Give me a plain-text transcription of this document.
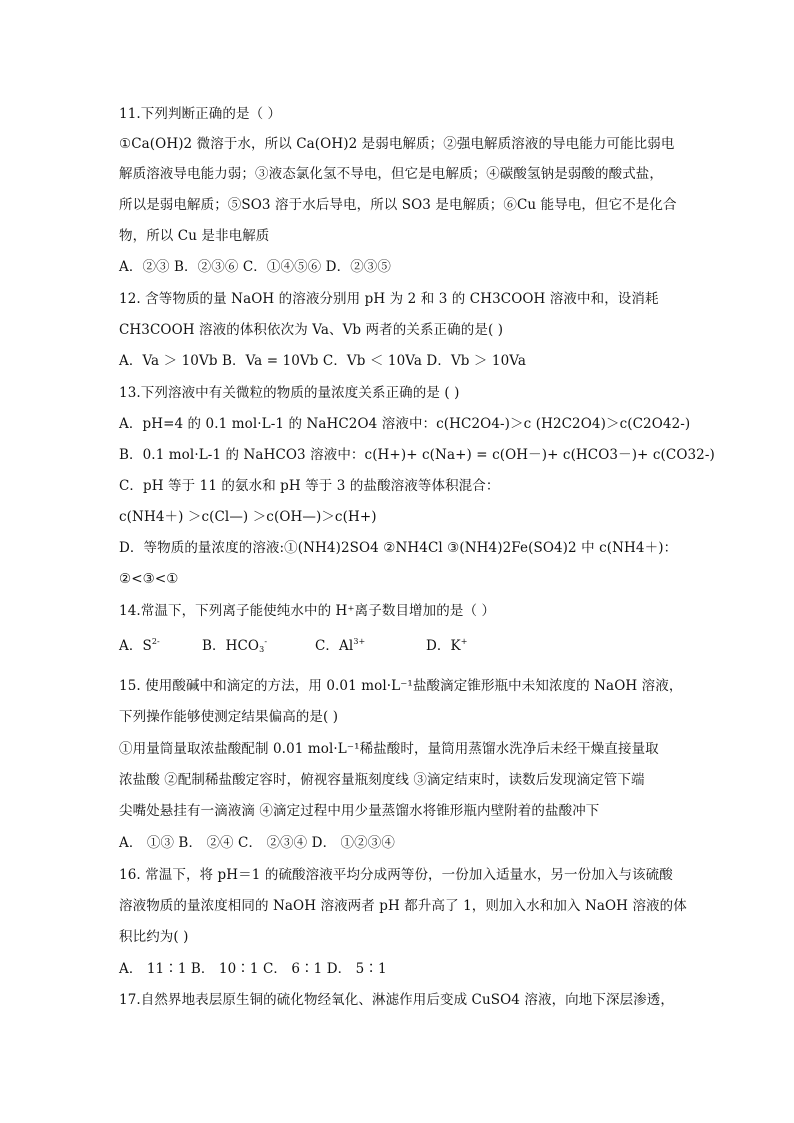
11.下列判断正确的是（ ）
①Ca(OH)2 微溶于水，所以 Ca(OH)2 是弱电解质；②强电解质溶液的导电能力可能比弱电
解质溶液导电能力弱；③液态氯化氢不导电，但它是电解质；④碳酸氢钠是弱酸的酸式盐，
所以是弱电解质；⑤SO3 溶于水后导电，所以 SO3 是电解质；⑥Cu 能导电，但它不是化合
物，所以 Cu 是非电解质
A．②③ B．②③⑥ C．①④⑤⑥ D．②③⑤
12. 含等物质的量 NaOH 的溶液分别用 pH 为 2 和 3 的 CH3COOH 溶液中和，设消耗
CH3COOH 溶液的体积依次为 Va、Vb 两者的关系正确的是( )
A．Va ＞ 10Vb B．Va = 10Vb C．Vb ＜ 10Va D．Vb ＞ 10Va
13.下列溶液中有关微粒的物质的量浓度关系正确的是 ( )
A．pH=4 的 0.1 mol·L-1 的 NaHC2O4 溶液中：c(HC2O4-)＞c (H2C2O4)＞c(C2O42-)
B．0.1 mol·L-1 的 NaHCO3 溶液中：c(H+)+ c(Na+) = c(OH－)+ c(HCO3－)+ c(CO32-)
C．pH 等于 11 的氨水和 pH 等于 3 的盐酸溶液等体积混合：
c(NH4＋) ＞c(Cl—) ＞c(OH—)＞c(H+)
D．等物质的量浓度的溶液:①(NH4)2SO4 ②NH4Cl ③(NH4)2Fe(SO4)2 中 c(NH4＋)：
②<③<①
14.常温下，下列离子能使纯水中的 H⁺离子数目增加的是（ ）
A．$S^{2-}$	B．$HCO_3^-$	C．$Al^{3+}$	D．K+
15. 使用酸碱中和滴定的方法，用 0.01 mol·L⁻¹盐酸滴定锥形瓶中未知浓度的 NaOH 溶液，
下列操作能够使测定结果偏高的是( )
①用量筒量取浓盐酸配制 0.01 mol·L⁻¹稀盐酸时，量筒用蒸馏水洗净后未经干燥直接量取
浓盐酸 ②配制稀盐酸定容时，俯视容量瓶刻度线 ③滴定结束时，读数后发现滴定管下端
尖嘴处悬挂有一滴液滴 ④滴定过程中用少量蒸馏水将锥形瓶内壁附着的盐酸冲下
A． ①③ B． ②④ C． ②③④ D． ①②③④
16. 常温下，将 pH＝1 的硫酸溶液平均分成两等份，一份加入适量水，另一份加入与该硫酸
溶液物质的量浓度相同的 NaOH 溶液两者 pH 都升高了 1，则加入水和加入 NaOH 溶液的体
积比约为( )
A． 11∶1 B． 10∶1 C． 6∶1 D． 5∶1
17.自然界地表层原生铜的硫化物经氧化、淋滤作用后变成 CuSO4 溶液，向地下深层渗透，
